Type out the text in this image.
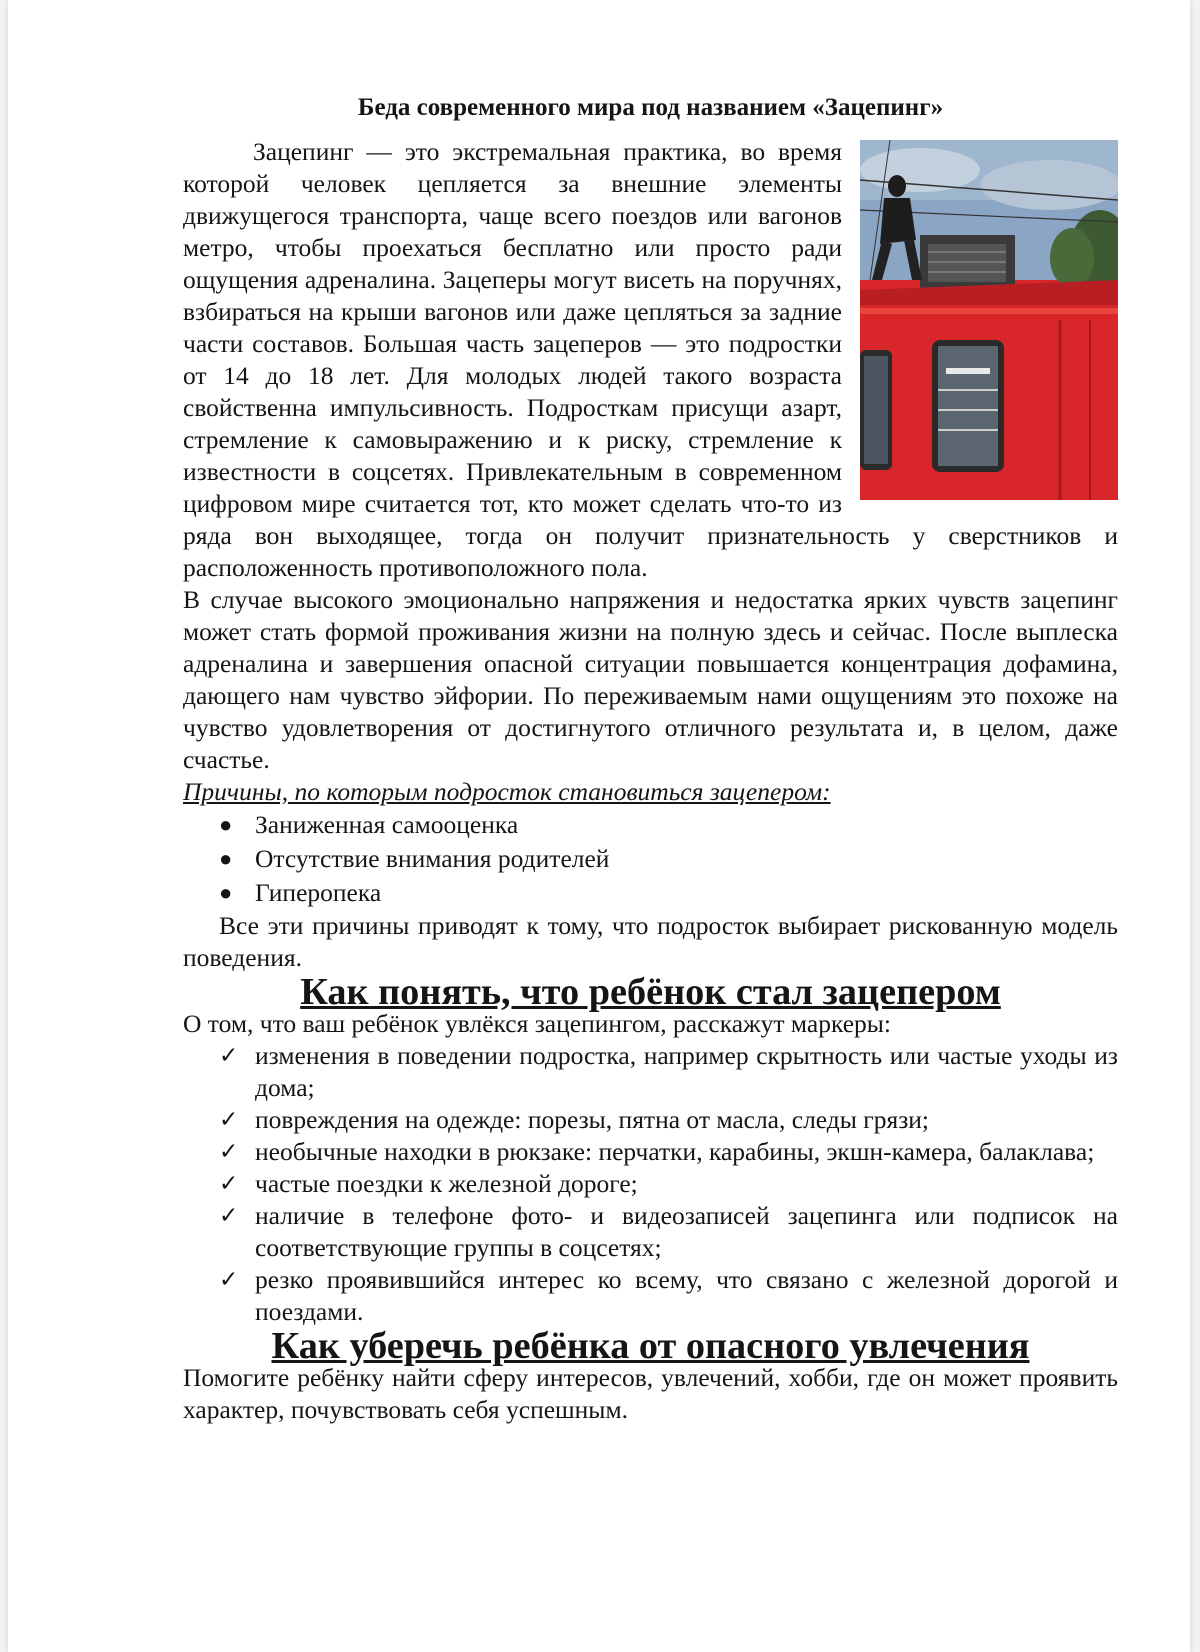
Беда современного мира под названием «Зацепинг»

Зацепинг — это экстремальная практика, во время которой человек цепляется за внешние элементы движущегося транспорта, чаще всего поездов или вагонов метро, чтобы проехаться бесплатно или просто ради ощущения адреналина. Зацеперы могут висеть на поручнях, взбираться на крыши вагонов или даже цепляться за задние части составов. Большая часть зацеперов — это подростки от 14 до 18 лет. Для молодых людей такого возраста свойственна импульсивность. Подросткам присущи азарт, стремление к самовыражению и к риску, стремление к известности в соцсетях. Привлекательным в современном цифровом мире считается тот, кто может сделать что-то из ряда вон выходящее, тогда он получит признательность у сверстников и расположенность противоположного пола.

В случае высокого эмоционально напряжения и недостатка ярких чувств зацепинг может стать формой проживания жизни на полную здесь и сейчас. После выплеска адреналина и завершения опасной ситуации повышается концентрация дофамина, дающего нам чувство эйфории. По переживаемым нами ощущениям это похоже на чувство удовлетворения от достигнутого отличного результата и, в целом, даже счастье.

Причины, по которым подросток становиться зацепером:

● Заниженная самооценка
● Отсутствие внимания родителей
● Гиперопека

Все эти причины приводят к тому, что подросток выбирает рискованную модель поведения.

Как понять, что ребёнок стал зацепером

О том, что ваш ребёнок увлёкся зацепингом, расскажут маркеры:

✓ изменения в поведении подростка, например скрытность или частые уходы из дома;
✓ повреждения на одежде: порезы, пятна от масла, следы грязи;
✓ необычные находки в рюкзаке: перчатки, карабины, экшн-камера, балаклава;
✓ частые поездки к железной дороге;
✓ наличие в телефоне фото- и видеозаписей зацепинга или подписок на соответствующие группы в соцсетях;
✓ резко проявившийся интерес ко всему, что связано с железной дорогой и поездами.
Как уберечь ребёнка от опасного увлечения

Помогите ребёнку найти сферу интересов, увлечений, хобби, где он может проявить характер, почувствовать себя успешным.
